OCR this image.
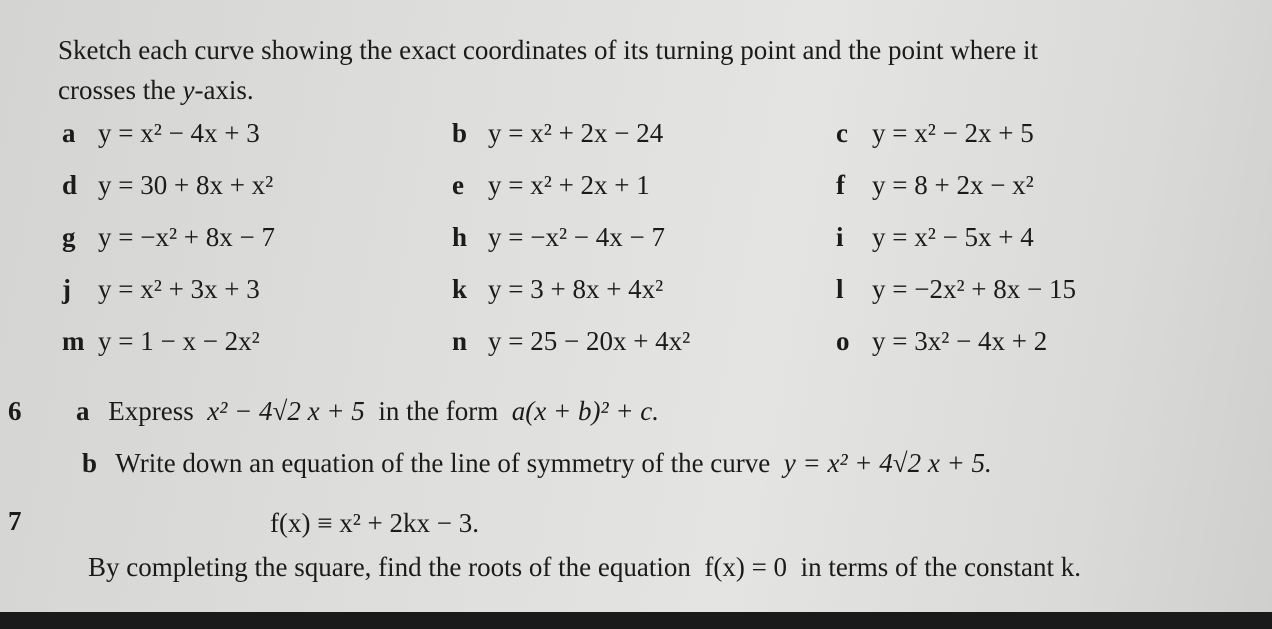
Sketch each curve showing the exact coordinates of its turning point and the point where it
crosses the y-axis.
a y = x² − 4x + 3	b y = x² + 2x − 24	c y = x² − 2x + 5
d y = 30 + 8x + x²	e y = x² + 2x + 1	f y = 8 + 2x − x²
g y = −x² + 8x − 7	h y = −x² − 4x − 7	i y = x² − 5x + 4
j y = x² + 3x + 3	k y = 3 + 8x + 4x²	l y = −2x² + 8x − 15
m y = 1 − x − 2x²	n y = 25 − 20x + 4x²	o y = 3x² − 4x + 2
6 a Express x² − 4√2 x + 5 in the form a(x + b)² + c.
b Write down an equation of the line of symmetry of the curve y = x² + 4√2 x + 5.
7	f(x) ≡ x² + 2kx − 3.
By completing the square, find the roots of the equation f(x) = 0 in terms of the constant k.
